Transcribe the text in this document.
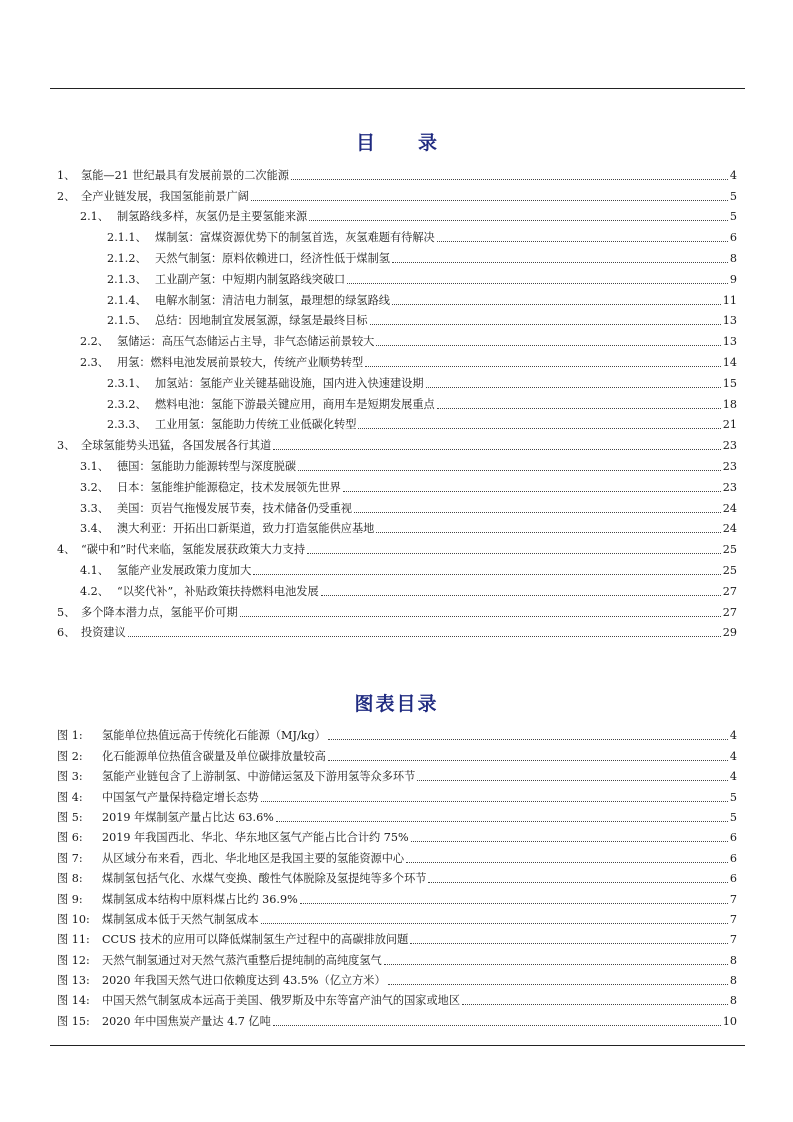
目　录
1、 氢能—21 世纪最具有发展前景的二次能源	4
2、 全产业链发展，我国氢能前景广阔	5
2.1、 制氢路线多样，灰氢仍是主要氢能来源	5
2.1.1、 煤制氢：富煤资源优势下的制氢首选，灰氢难题有待解决	6
2.1.2、 天然气制氢：原料依赖进口，经济性低于煤制氢	8
2.1.3、 工业副产氢：中短期内制氢路线突破口	9
2.1.4、 电解水制氢：清洁电力制氢，最理想的绿氢路线	11
2.1.5、 总结：因地制宜发展氢源，绿氢是最终目标	13
2.2、 氢储运：高压气态储运占主导，非气态储运前景较大	13
2.3、 用氢：燃料电池发展前景较大，传统产业顺势转型	14
2.3.1、 加氢站：氢能产业关键基础设施，国内进入快速建设期	15
2.3.2、 燃料电池：氢能下游最关键应用，商用车是短期发展重点	18
2.3.3、 工业用氢：氢能助力传统工业低碳化转型	21
3、 全球氢能势头迅猛，各国发展各行其道	23
3.1、 德国：氢能助力能源转型与深度脱碳	23
3.2、 日本：氢能维护能源稳定，技术发展领先世界	23
3.3、 美国：页岩气拖慢发展节奏，技术储备仍受重视	24
3.4、 澳大利亚：开拓出口新渠道，致力打造氢能供应基地	24
4、 “碳中和”时代来临，氢能发展获政策大力支持	25
4.1、 氢能产业发展政策力度加大	25
4.2、 “以奖代补”，补贴政策扶持燃料电池发展	27
5、 多个降本潜力点，氢能平价可期	27
6、 投资建议	29
图表目录
图 1:	氢能单位热值远高于传统化石能源（MJ/kg）	4
图 2:	化石能源单位热值含碳量及单位碳排放量较高	4
图 3:	氢能产业链包含了上游制氢、中游储运氢及下游用氢等众多环节	4
图 4:	中国氢气产量保持稳定增长态势	5
图 5:	2019 年煤制氢产量占比达 63.6%	5
图 6:	2019 年我国西北、华北、华东地区氢气产能占比合计约 75%	6
图 7:	从区域分布来看，西北、华北地区是我国主要的氢能资源中心	6
图 8:	煤制氢包括气化、水煤气变换、酸性气体脱除及氢提纯等多个环节	6
图 9:	煤制氢成本结构中原料煤占比约 36.9%	7
图 10:	煤制氢成本低于天然气制氢成本	7
图 11:	CCUS 技术的应用可以降低煤制氢生产过程中的高碳排放问题	7
图 12:	天然气制氢通过对天然气蒸汽重整后提纯制的高纯度氢气	8
图 13:	2020 年我国天然气进口依赖度达到 43.5%（亿立方米）	8
图 14:	中国天然气制氢成本远高于美国、俄罗斯及中东等富产油气的国家或地区	8
图 15:	2020 年中国焦炭产量达 4.7 亿吨	10
